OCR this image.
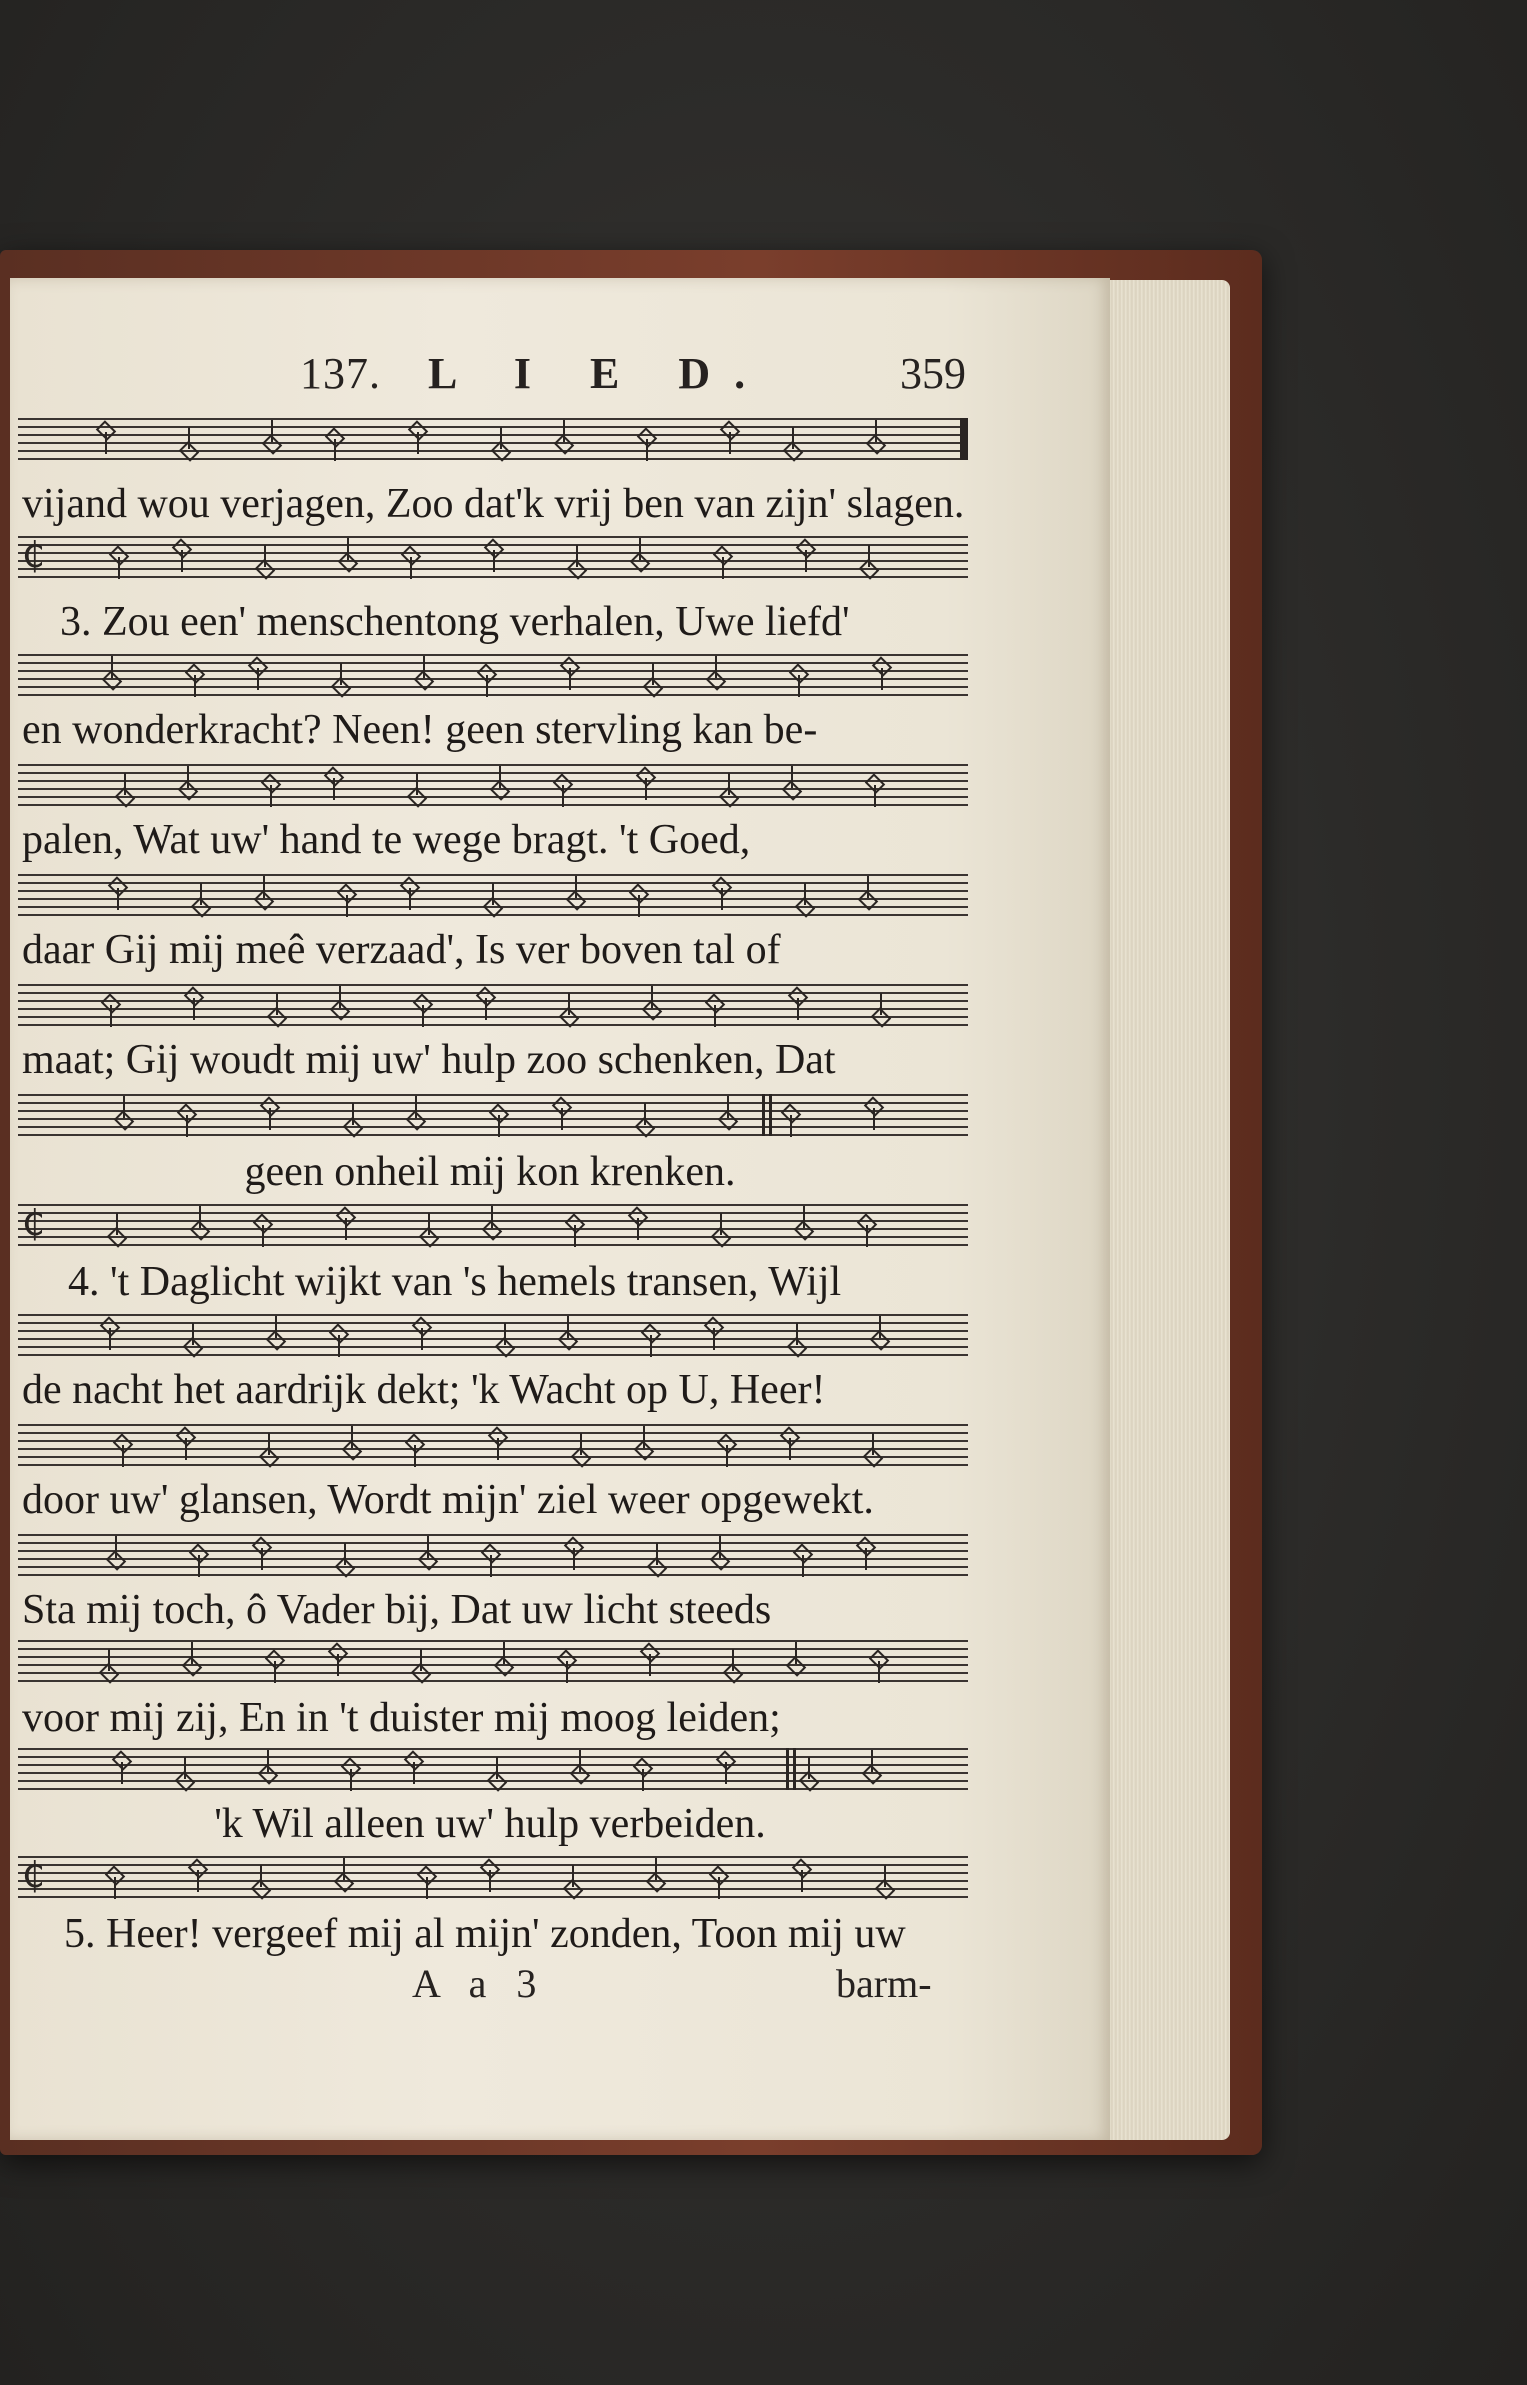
137. L I E D.	359
vijand wou verjagen, Zoo dat'k vrij ben van zijn' slagen.
₵
3. Zou een' menschentong verhalen, Uwe liefd'
en wonderkracht? Neen! geen stervling kan be-
palen, Wat uw' hand te wege bragt. 't Goed,
daar Gij mij meê verzaad', Is ver boven tal of
maat; Gij woudt mij uw' hulp zoo schenken, Dat
geen onheil mij kon krenken.
₵
4. 't Daglicht wijkt van 's hemels transen, Wijl
de nacht het aardrijk dekt; 'k Wacht op U, Heer!
door uw' glansen, Wordt mijn' ziel weer opgewekt.
Sta mij toch, ô Vader bij, Dat uw licht steeds
voor mij zij, En in 't duister mij moog leiden;
'k Wil alleen uw' hulp verbeiden.
₵
5. Heer! vergeef mij al mijn' zonden, Toon mij uw
A a 3	barm-
